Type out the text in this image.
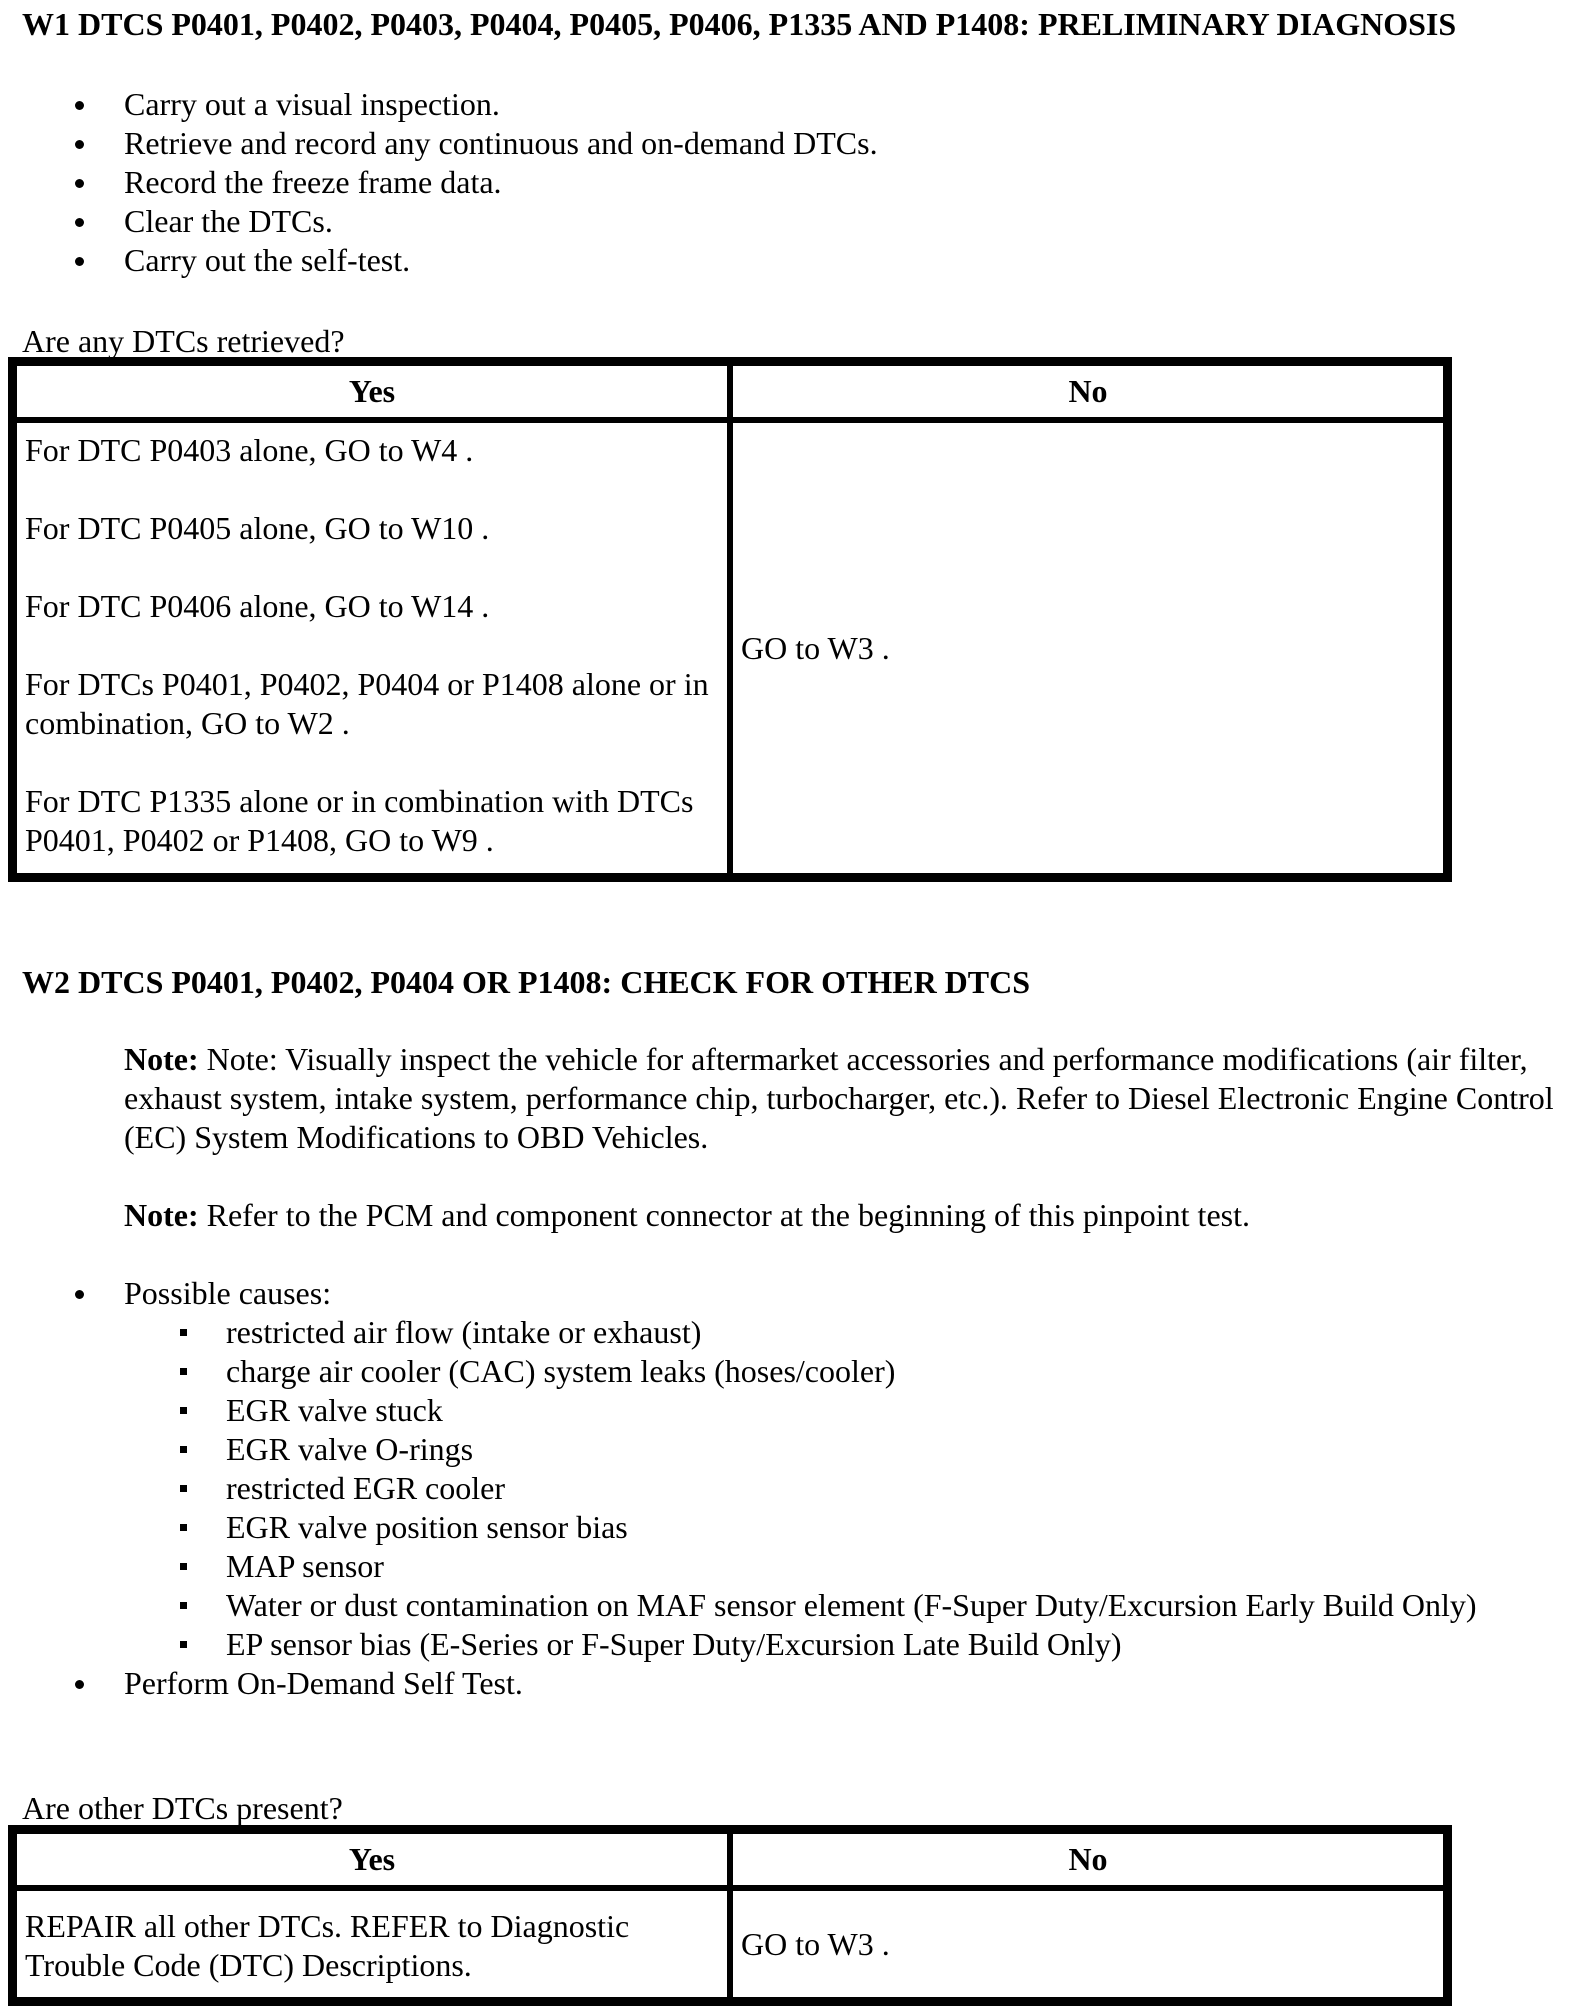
W1 DTCS P0401, P0402, P0403, P0404, P0405, P0406, P1335 AND P1408: PRELIMINARY DIAGNOSIS
Carry out a visual inspection.
Retrieve and record any continuous and on-demand DTCs.
Record the freeze frame data.
Clear the DTCs.
Carry out the self-test.

Are any DTCs retrieved?

Yes	No

For DTC P0403 alone, GO to W4 .

For DTC P0405 alone, GO to W10 .

For DTC P0406 alone, GO to W14 .

For DTCs P0401, P0402, P0404 or P1408 alone or in combination, GO to W2 .

For DTC P1335 alone or in combination with DTCs P0401, P0402 or P1408, GO to W9 .	GO to W3 .
W2 DTCS P0401, P0402, P0404 OR P1408: CHECK FOR OTHER DTCS

Note: Note: Visually inspect the vehicle for aftermarket accessories and performance modifications (air filter, exhaust system, intake system, performance chip, turbocharger, etc.). Refer to Diesel Electronic Engine Control (EC) System Modifications to OBD Vehicles.

Note: Refer to the PCM and component connector at the beginning of this pinpoint test.

Possible causes:
restricted air flow (intake or exhaust)
charge air cooler (CAC) system leaks (hoses/cooler)
EGR valve stuck
EGR valve O-rings
restricted EGR cooler
EGR valve position sensor bias
MAP sensor
Water or dust contamination on MAF sensor element (F-Super Duty/Excursion Early Build Only)
EP sensor bias (E-Series or F-Super Duty/Excursion Late Build Only)
Perform On-Demand Self Test.

Are other DTCs present?

Yes	No
REPAIR all other DTCs. REFER to Diagnostic Trouble Code (DTC) Descriptions.	GO to W3 .
